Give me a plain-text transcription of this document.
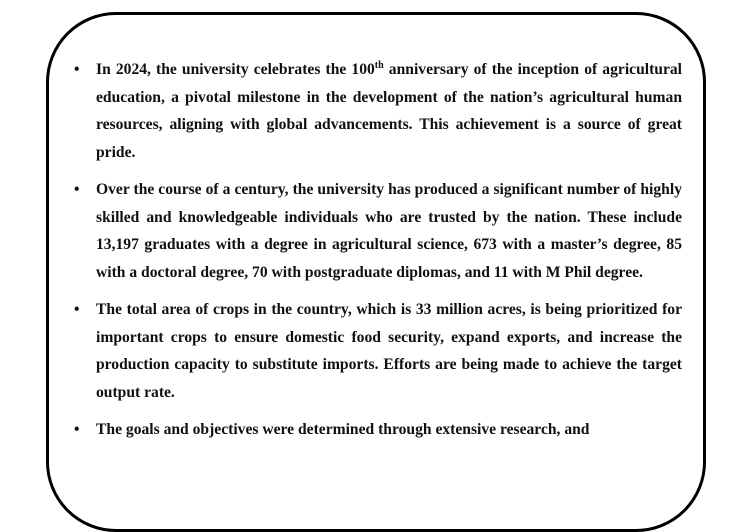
• In 2024, the university celebrates the 100th anniversary of the inception of agricultural education, a pivotal milestone in the development of the nation’s agricultural human resources, aligning with global advancements. This achievement is a source of great pride.
• Over the course of a century, the university has produced a significant number of highly skilled and knowledgeable individuals who are trusted by the nation. These include 13,197 graduates with a degree in agricultural science, 673 with a master’s degree, 85 with a doctoral degree, 70 with postgraduate diplomas, and 11 with M Phil degree.
• The total area of crops in the country, which is 33 million acres, is being prioritized for important crops to ensure domestic food security, expand exports, and increase the production capacity to substitute imports. Efforts are being made to achieve the target output rate.
• The goals and objectives were determined through extensive research, and
